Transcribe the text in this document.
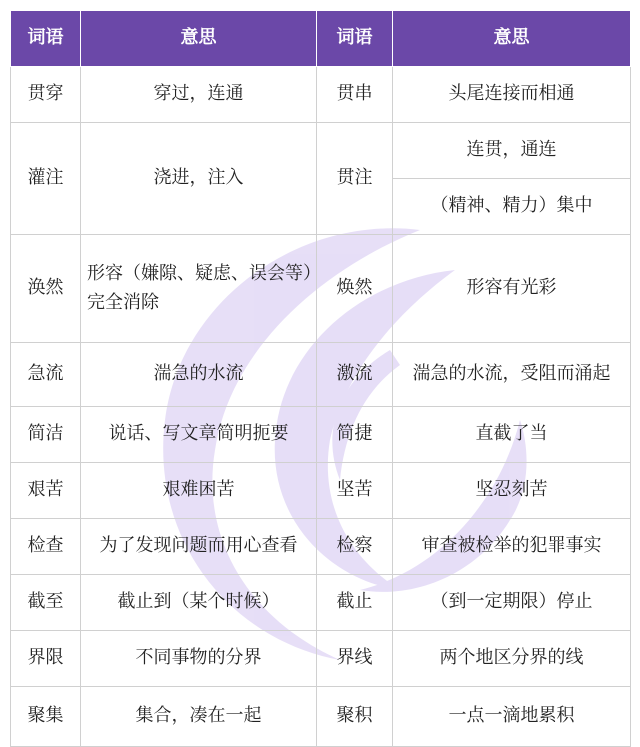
词语	意思	词语	意思
贯穿	穿过，连通	贯串	头尾连接而相通
灌注	浇进，注入	贯注	连贯，通连
			（精神、精力）集中
涣然	形容（嫌隙、疑虑、误会等）完全消除	焕然	形容有光彩
急流	湍急的水流	激流	湍急的水流，受阻而涌起
简洁	说话、写文章简明扼要	简捷	直截了当
艰苦	艰难困苦	坚苦	坚忍刻苦
检查	为了发现问题而用心查看	检察	审查被检举的犯罪事实
截至	截止到（某个时候）	截止	（到一定期限）停止
界限	不同事物的分界	界线	两个地区分界的线
聚集	集合，凑在一起	聚积	一点一滴地累积
